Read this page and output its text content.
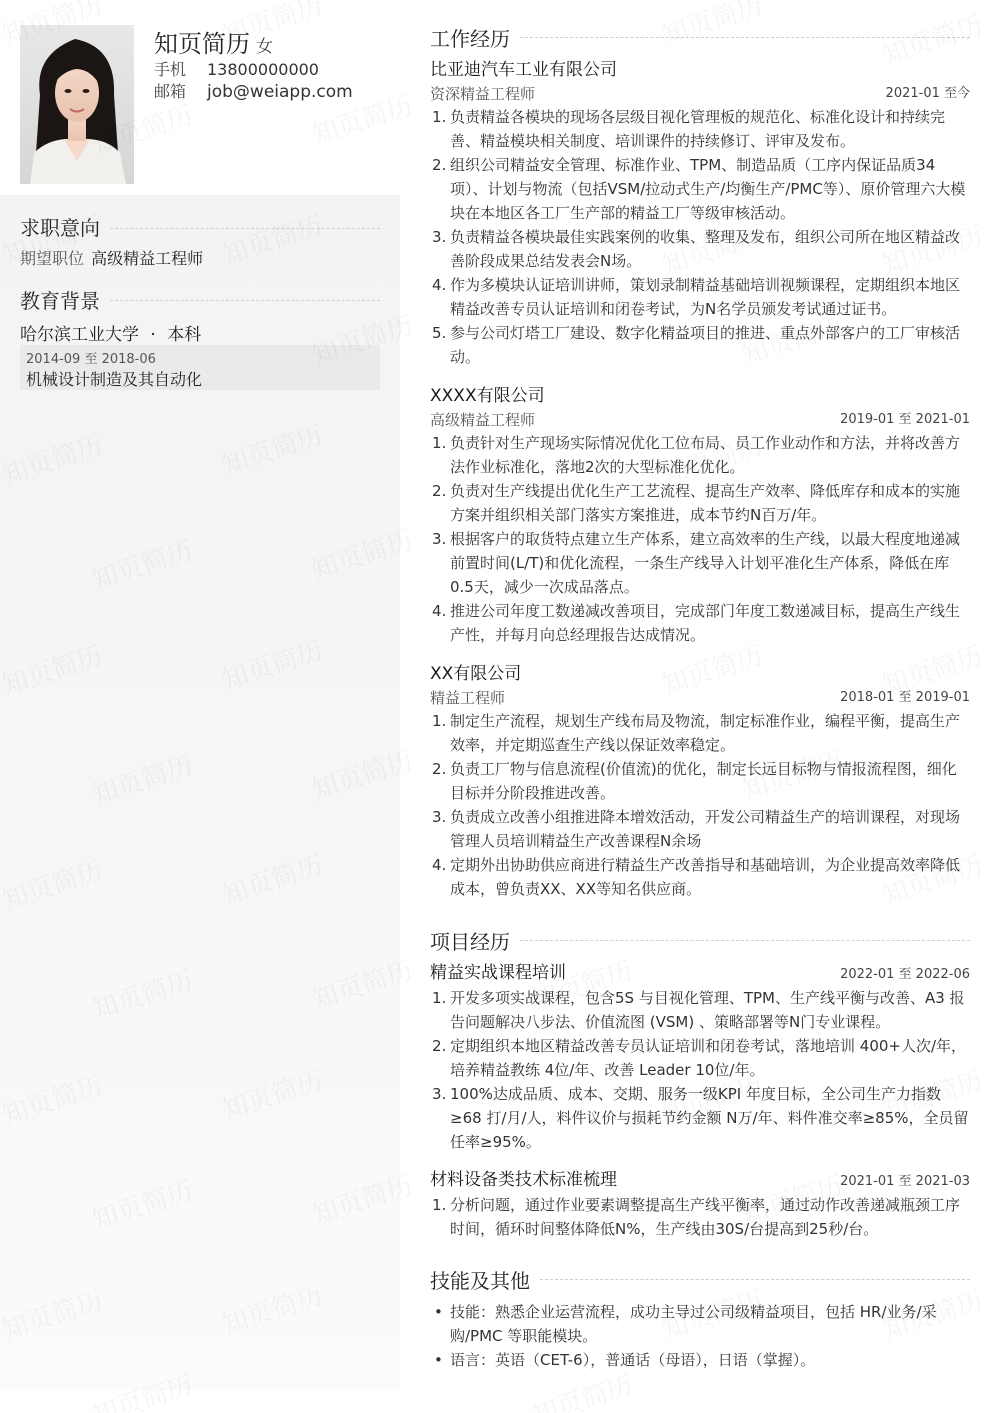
知页简历 女
手机 13800000000
邮箱 job@weiapp.com
求职意向
期望职位 高级精益工程师
教育背景
哈尔滨工业大学 · 本科
2014-09 至 2018-06
机械设计制造及其自动化
工作经历
比亚迪汽车工业有限公司
资深精益工程师	2021-01 至今
1. 负责精益各模块的现场各层级目视化管理板的规范化、标准化设计和持续完善、精益模块相关制度、培训课件的持续修订、评审及发布。
2. 组织公司精益安全管理、标准作业、TPM、制造品质（工序内保证品质34项）、计划与物流（包括VSM/拉动式生产/均衡生产/PMC等）、原价管理六大模块在本地区各工厂生产部的精益工厂等级审核活动。
3. 负责精益各模块最佳实践案例的收集、整理及发布，组织公司所在地区精益改善阶段成果总结发表会N场。
4. 作为多模块认证培训讲师，策划录制精益基础培训视频课程，定期组织本地区精益改善专员认证培训和闭卷考试，为N名学员颁发考试通过证书。
5. 参与公司灯塔工厂建设、数字化精益项目的推进、重点外部客户的工厂审核活动。
XXXX有限公司
高级精益工程师	2019-01 至 2021-01
1. 负责针对生产现场实际情况优化工位布局、员工作业动作和方法，并将改善方法作业标准化，落地2次的大型标准化优化。
2. 负责对生产线提出优化生产工艺流程、提高生产效率、降低库存和成本的实施方案并组织相关部门落实方案推进，成本节约N百万/年。
3. 根据客户的取货特点建立生产体系，建立高效率的生产线，以最大程度地递减前置时间(L/T)和优化流程，一条生产线导入计划平准化生产体系，降低在库0.5天，减少一次成品落点。
4. 推进公司年度工数递减改善项目，完成部门年度工数递减目标，提高生产线生产性，并每月向总经理报告达成情况。
XX有限公司
精益工程师	2018-01 至 2019-01
1. 制定生产流程，规划生产线布局及物流，制定标准作业，编程平衡，提高生产效率，并定期巡查生产线以保证效率稳定。
2. 负责工厂物与信息流程(价值流)的优化，制定长远目标物与情报流程图，细化目标并分阶段推进改善。
3. 负责成立改善小组推进降本增效活动，开发公司精益生产的培训课程，对现场管理人员培训精益生产改善课程N余场
4. 定期外出协助供应商进行精益生产改善指导和基础培训，为企业提高效率降低成本，曾负责XX、XX等知名供应商。
项目经历
精益实战课程培训	2022-01 至 2022-06
1. 开发多项实战课程，包含5S 与目视化管理、TPM、生产线平衡与改善、A3 报告问题解决八步法、价值流图 (VSM) 、策略部署等N门专业课程。
2. 定期组织本地区精益改善专员认证培训和闭卷考试，落地培训 400+人次/年，培养精益教练 4位/年、改善 Leader 10位/年。
3. 100%达成品质、成本、交期、服务一级KPI 年度目标，全公司生产力指数≥68 打/月/人，料件议价与损耗节约金额 N万/年、料件准交率≥85%，全员留任率≥95%。
材料设备类技术标准梳理	2021-01 至 2021-03
1. 分析问题，通过作业要素调整提高生产线平衡率，通过动作改善递减瓶颈工序时间，循环时间整体降低N%，生产线由30S/台提高到25秒/台。
技能及其他
• 技能：熟悉企业运营流程，成功主导过公司级精益项目，包括 HR/业务/采购/PMC 等职能模块。
• 语言：英语（CET-6），普通话（母语），日语（掌握）。
